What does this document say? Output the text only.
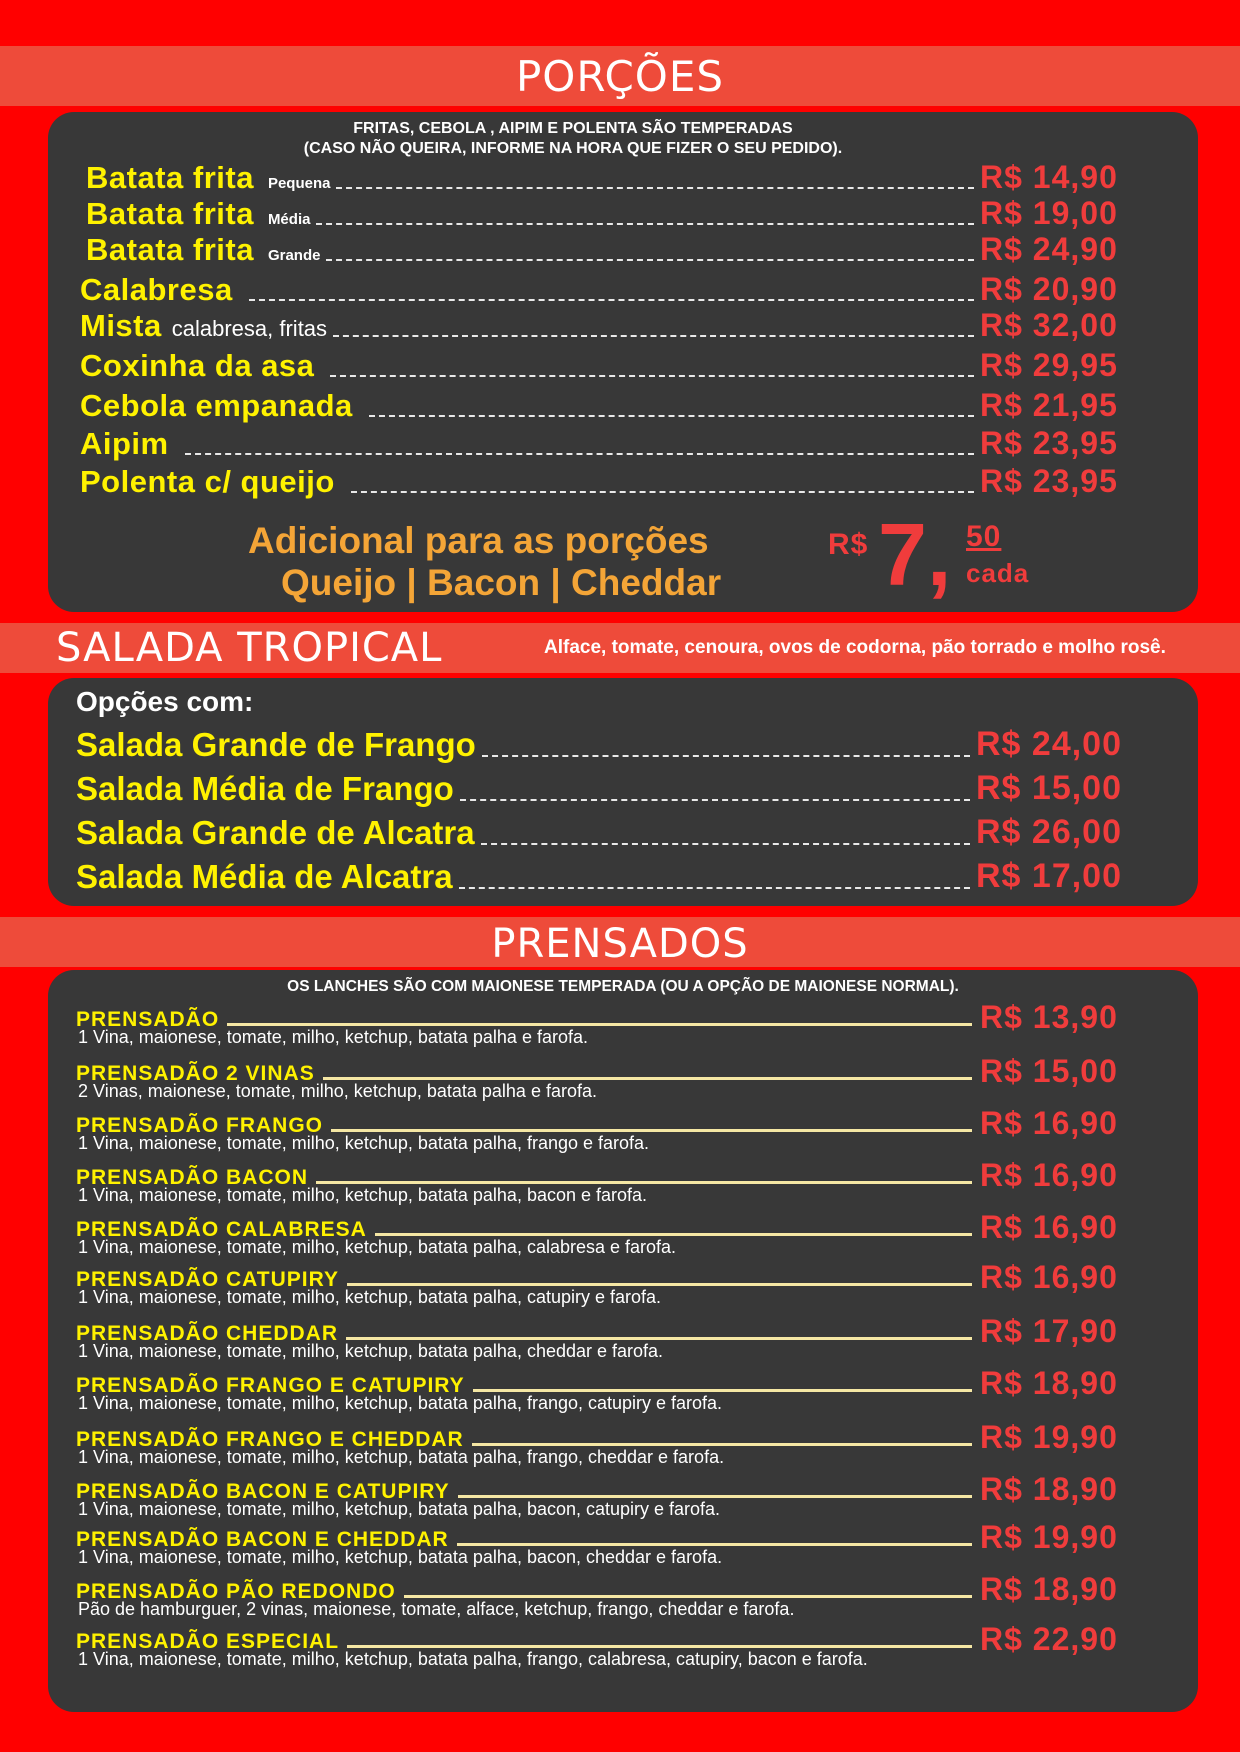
PORÇÕES
FRITAS, CEBOLA , AIPIM E POLENTA SÃO TEMPERADAS
(CASO NÃO QUEIRA, INFORME NA HORA QUE FIZER O SEU PEDIDO).
Batata frita Pequena	R$ 14,90
Batata frita Média	R$ 19,00
Batata frita Grande	R$ 24,90
Calabresa	R$ 20,90
Mista calabresa, fritas	R$ 32,00
Coxinha da asa	R$ 29,95
Cebola empanada	R$ 21,95
Aipim	R$ 23,95
Polenta c/ queijo	R$ 23,95
Adicional para as porções
Queijo | Bacon | Cheddar
R$ 7, 50
cada
SALADA TROPICAL	Alface, tomate, cenoura, ovos de codorna, pão torrado e molho rosê.
Opções com:
Salada Grande de Frango	R$ 24,00
Salada Média de Frango	R$ 15,00
Salada Grande de Alcatra	R$ 26,00
Salada Média de Alcatra	R$ 17,00
PRENSADOS
OS LANCHES SÃO COM MAIONESE TEMPERADA (OU A OPÇÃO DE MAIONESE NORMAL).
PRENSADÃO	R$ 13,90
1 Vina, maionese, tomate, milho, ketchup, batata palha e farofa.
PRENSADÃO 2 VINAS	R$ 15,00
2 Vinas, maionese, tomate, milho, ketchup, batata palha e farofa.
PRENSADÃO FRANGO	R$ 16,90
1 Vina, maionese, tomate, milho, ketchup, batata palha, frango e farofa.
PRENSADÃO BACON	R$ 16,90
1 Vina, maionese, tomate, milho, ketchup, batata palha, bacon e farofa.
PRENSADÃO CALABRESA	R$ 16,90
1 Vina, maionese, tomate, milho, ketchup, batata palha, calabresa e farofa.
PRENSADÃO CATUPIRY	R$ 16,90
1 Vina, maionese, tomate, milho, ketchup, batata palha, catupiry e farofa.
PRENSADÃO CHEDDAR	R$ 17,90
1 Vina, maionese, tomate, milho, ketchup, batata palha, cheddar e farofa.
PRENSADÃO FRANGO E CATUPIRY	R$ 18,90
1 Vina, maionese, tomate, milho, ketchup, batata palha, frango, catupiry e farofa.
PRENSADÃO FRANGO E CHEDDAR	R$ 19,90
1 Vina, maionese, tomate, milho, ketchup, batata palha, frango, cheddar e farofa.
PRENSADÃO BACON E CATUPIRY	R$ 18,90
1 Vina, maionese, tomate, milho, ketchup, batata palha, bacon, catupiry e farofa.
PRENSADÃO BACON E CHEDDAR	R$ 19,90
1 Vina, maionese, tomate, milho, ketchup, batata palha, bacon, cheddar e farofa.
PRENSADÃO PÃO REDONDO	R$ 18,90
Pão de hamburguer, 2 vinas, maionese, tomate, alface, ketchup, frango, cheddar e farofa.
PRENSADÃO ESPECIAL	R$ 22,90
1 Vina, maionese, tomate, milho, ketchup, batata palha, frango, calabresa, catupiry, bacon e farofa.
